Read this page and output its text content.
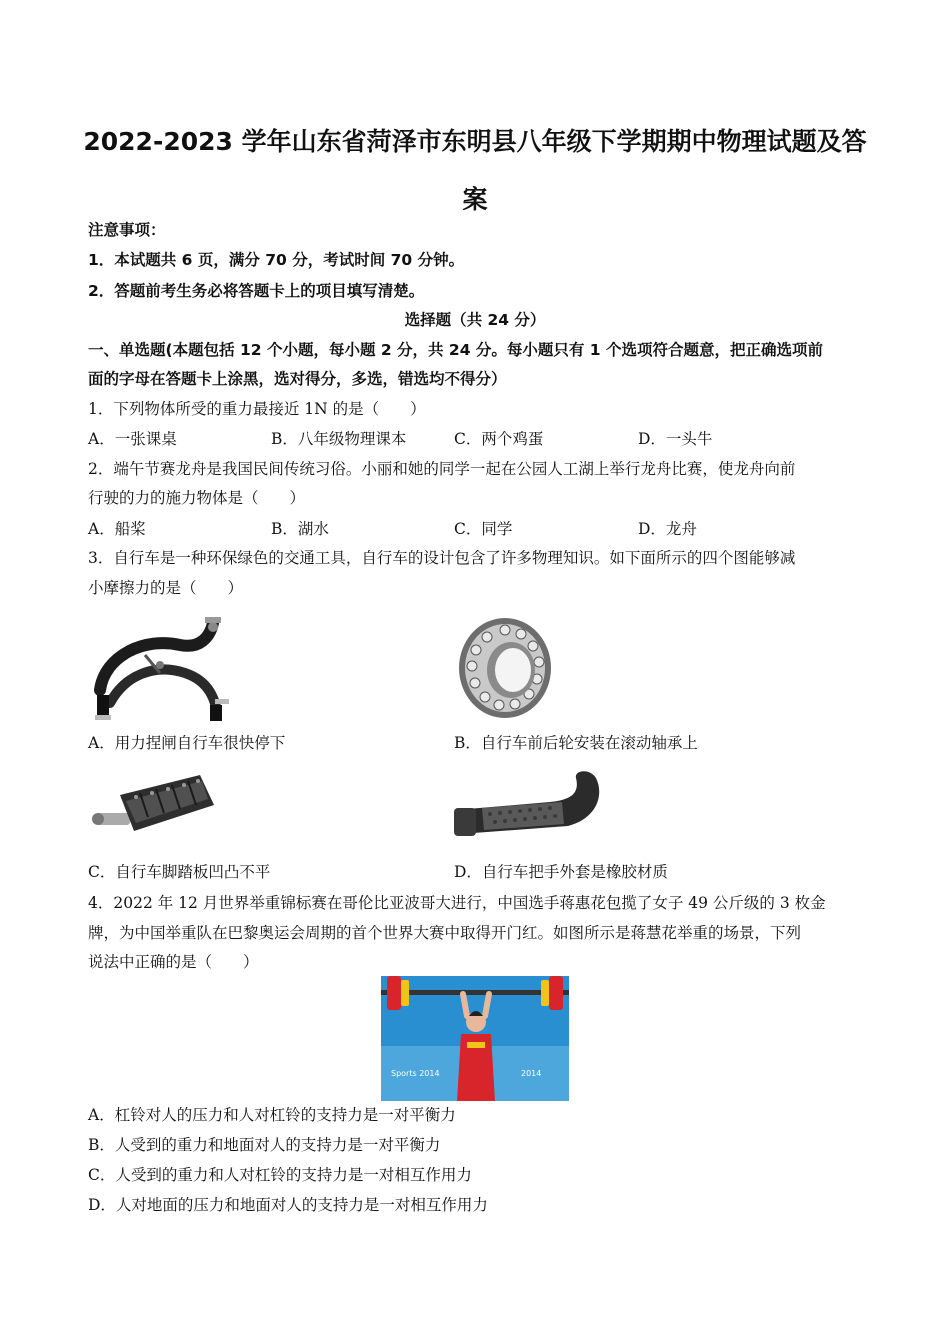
2022-2023 学年山东省菏泽市东明县八年级下学期期中物理试题及答
案
注意事项：
1．本试题共 6 页，满分 70 分，考试时间 70 分钟。
2．答题前考生务必将答题卡上的项目填写清楚。
选择题（共 24 分）
一、单选题(本题包括 12 个小题，每小题 2 分，共 24 分。每小题只有 1 个选项符合题意，把正确选项前
面的字母在答题卡上涂黑，选对得分，多选，错选均不得分）
1．下列物体所受的重力最接近 1N 的是（　　）
A．一张课桌	B．八年级物理课本	C．两个鸡蛋	D．一头牛
2．端午节赛龙舟是我国民间传统习俗。小丽和她的同学一起在公园人工湖上举行龙舟比赛，使龙舟向前
行驶的力的施力物体是（　　）
A．船桨	B．湖水	C．同学	D．龙舟
3．自行车是一种环保绿色的交通工具，自行车的设计包含了许多物理知识。如下面所示的四个图能够减
小摩擦力的是（　　）
A．用力捏闸自行车很快停下	B．自行车前后轮安装在滚动轴承上
C．自行车脚踏板凹凸不平	D．自行车把手外套是橡胶材质
4．2022 年 12 月世界举重锦标赛在哥伦比亚波哥大进行，中国选手蒋惠花包揽了女子 49 公斤级的 3 枚金
牌，为中国举重队在巴黎奥运会周期的首个世界大赛中取得开门红。如图所示是蒋慧花举重的场景，下列
说法中正确的是（　　）
Sports 2014	2014
A．杠铃对人的压力和人对杠铃的支持力是一对平衡力
B．人受到的重力和地面对人的支持力是一对平衡力
C．人受到的重力和人对杠铃的支持力是一对相互作用力
D．人对地面的压力和地面对人的支持力是一对相互作用力
